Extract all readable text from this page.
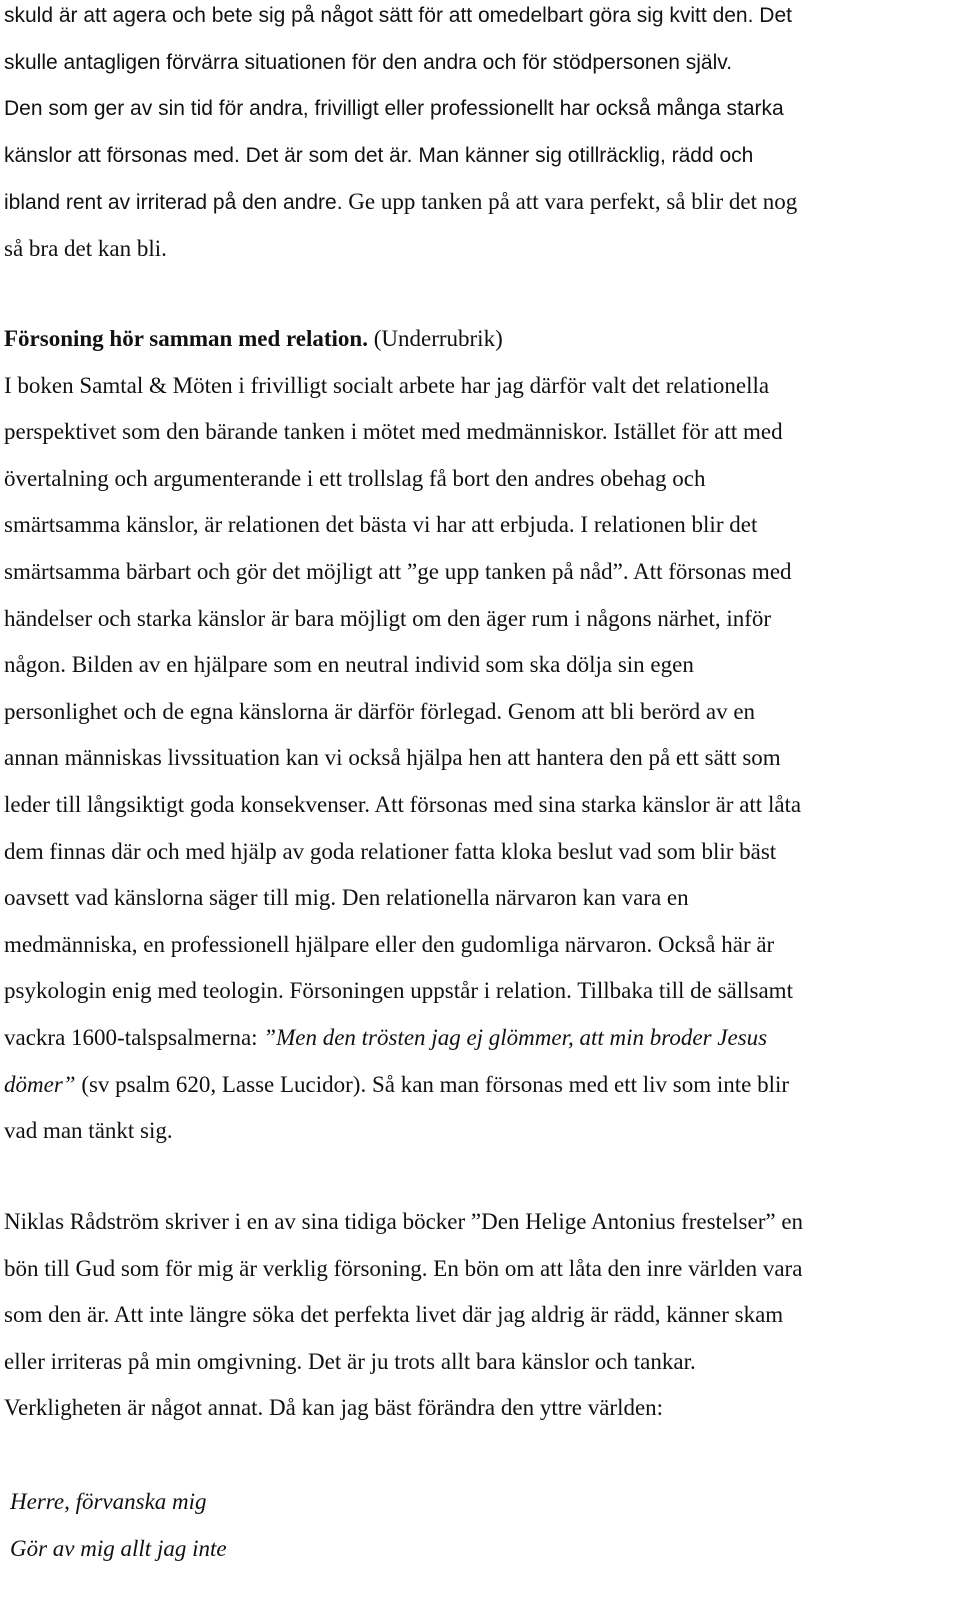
skuld är att agera och bete sig på något sätt för att omedelbart göra sig kvitt den. Det
skulle antagligen förvärra situationen för den andra och för stödpersonen själv.
Den som ger av sin tid för andra, frivilligt eller professionellt har också många starka
känslor att försonas med. Det är som det är. Man känner sig otillräcklig, rädd och
ibland rent av irriterad på den andre. Ge upp tanken på att vara perfekt, så blir det nog
så bra det kan bli.
Försoning hör samman med relation. (Underrubrik)
I boken Samtal & Möten i frivilligt socialt arbete har jag därför valt det relationella
perspektivet som den bärande tanken i mötet med medmänniskor. Istället för att med
övertalning och argumenterande i ett trollslag få bort den andres obehag och
smärtsamma känslor, är relationen det bästa vi har att erbjuda. I relationen blir det
smärtsamma bärbart och gör det möjligt att ”ge upp tanken på nåd”. Att försonas med
händelser och starka känslor är bara möjligt om den äger rum i någons närhet, inför
någon. Bilden av en hjälpare som en neutral individ som ska dölja sin egen
personlighet och de egna känslorna är därför förlegad. Genom att bli berörd av en
annan människas livssituation kan vi också hjälpa hen att hantera den på ett sätt som
leder till långsiktigt goda konsekvenser. Att försonas med sina starka känslor är att låta
dem finnas där och med hjälp av goda relationer fatta kloka beslut vad som blir bäst
oavsett vad känslorna säger till mig. Den relationella närvaron kan vara en
medmänniska, en professionell hjälpare eller den gudomliga närvaron. Också här är
psykologin enig med teologin. Försoningen uppstår i relation. Tillbaka till de sällsamt
vackra 1600-talspsalmerna: ”Men den trösten jag ej glömmer, att min broder Jesus
dömer” (sv psalm 620, Lasse Lucidor). Så kan man försonas med ett liv som inte blir
vad man tänkt sig.
Niklas Rådström skriver i en av sina tidiga böcker ”Den Helige Antonius frestelser” en
bön till Gud som för mig är verklig försoning. En bön om att låta den inre världen vara
som den är. Att inte längre söka det perfekta livet där jag aldrig är rädd, känner skam
eller irriteras på min omgivning. Det är ju trots allt bara känslor och tankar.
Verkligheten är något annat. Då kan jag bäst förändra den yttre världen:
Herre, förvanska mig
Gör av mig allt jag inte
